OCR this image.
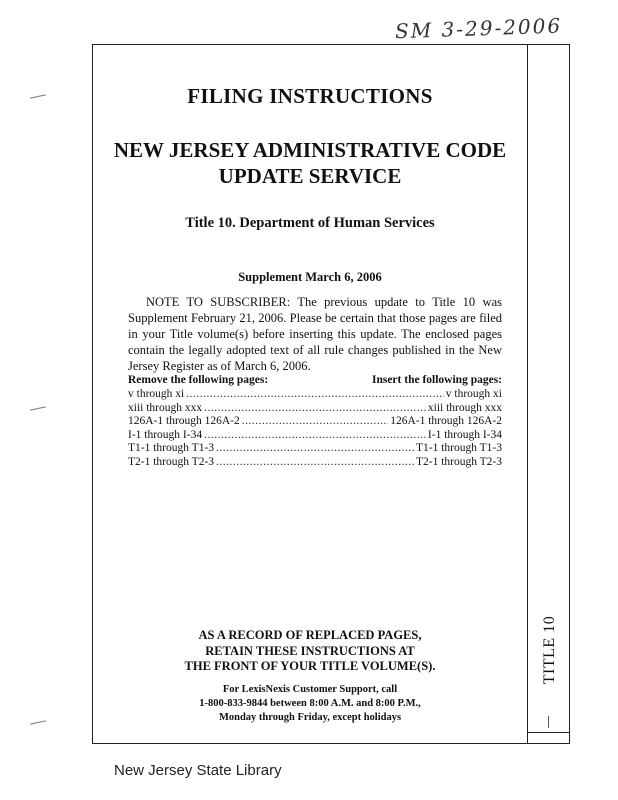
SM 3-29-2006
TITLE 10
FILING INSTRUCTIONS
NEW JERSEY ADMINISTRATIVE CODE
UPDATE SERVICE
Title 10. Department of Human Services
Supplement March 6, 2006
NOTE TO SUBSCRIBER: The previous update to Title 10 was Supplement February 21, 2006. Please be certain that those pages are filed in your Title volume(s) before inserting this update. The enclosed pages contain the legally adopted text of all rule changes published in the New Jersey Register as of March 6, 2006.
Remove the following pages:	Insert the following pages:
v through xi .....	v through xi
xiii through xxx .....	xiii through xxx
126A-1 through 126A-2 .....	126A-1 through 126A-2
I-1 through I-34 .....	I-1 through I-34
T1-1 through T1-3 .....	T1-1 through T1-3
T2-1 through T2-3 .....	T2-1 through T2-3
AS A RECORD OF REPLACED PAGES,
RETAIN THESE INSTRUCTIONS AT
THE FRONT OF YOUR TITLE VOLUME(S).
For LexisNexis Customer Support, call
1-800-833-9844 between 8:00 A.M. and 8:00 P.M.,
Monday through Friday, except holidays
New Jersey State Library
